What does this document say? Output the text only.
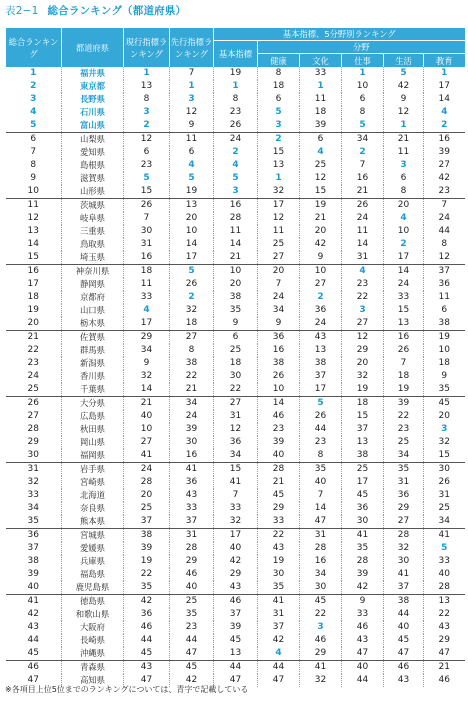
表2−1 総合ランキング（都道府県）
総合ランキング	都道府県	現行指標ランキング	先行指標ランキング	基本指標、5分野別ランキング					
				基本指標	分野				
					健康	文化	仕事	生活	教育
1	福井県	1	7	19	8	33	1	5	1
2	東京都	13	1	1	18	1	10	42	17
3	長野県	8	3	8	6	11	6	9	14
4	石川県	3	12	23	5	18	8	12	4
5	富山県	2	9	26	3	39	5	1	2
6	山梨県	12	11	24	2	6	34	21	16
7	愛知県	6	6	2	15	4	2	11	39
8	島根県	23	4	4	13	25	7	3	27
9	滋賀県	5	5	5	1	12	16	6	42
10	山形県	15	19	3	32	15	21	8	23
11	茨城県	26	13	16	17	19	26	20	7
12	岐阜県	7	20	28	12	21	24	4	24
13	三重県	30	10	11	11	20	11	10	44
14	鳥取県	31	14	14	25	42	14	2	8
15	埼玉県	16	17	21	27	9	31	17	12
16	神奈川県	18	5	10	20	10	4	14	37
17	静岡県	11	26	20	7	27	23	24	36
18	京都府	33	2	38	24	2	22	33	11
19	山口県	4	32	35	34	36	3	15	6
20	栃木県	17	18	9	9	24	27	13	38
21	佐賀県	29	27	6	36	43	12	16	19
22	群馬県	34	8	25	16	13	29	26	10
23	新潟県	9	38	18	38	38	20	7	18
24	香川県	32	22	30	26	37	32	18	9
25	千葉県	14	21	22	10	17	19	19	35
26	大分県	21	34	27	14	5	18	39	45
27	広島県	40	24	31	46	26	15	22	20
28	秋田県	10	39	12	23	44	37	23	3
29	岡山県	27	30	36	39	23	13	25	32
30	福岡県	41	16	34	40	8	38	34	15
31	岩手県	24	41	15	28	35	25	35	30
32	宮崎県	28	36	41	21	40	17	31	26
33	北海道	20	43	7	45	7	45	36	31
34	奈良県	25	33	33	29	14	36	29	25
35	熊本県	37	37	32	33	47	30	27	34
36	宮城県	38	31	17	22	31	41	28	41
37	愛媛県	39	28	40	43	28	35	32	5
38	兵庫県	19	29	42	19	16	28	30	33
39	福島県	22	46	29	30	34	39	41	40
40	鹿児島県	35	40	43	35	30	42	37	28
41	徳島県	42	25	46	41	45	9	38	13
42	和歌山県	36	35	37	31	22	33	44	22
43	大阪府	46	23	39	37	3	46	40	43
44	長崎県	44	44	45	42	46	43	45	29
45	沖縄県	45	47	13	4	29	47	47	47
46	青森県	43	45	44	44	41	40	46	21
47	高知県	47	42	47	47	32	44	43	46
※各項目上位5位までのランキングについては、青字で記載している
